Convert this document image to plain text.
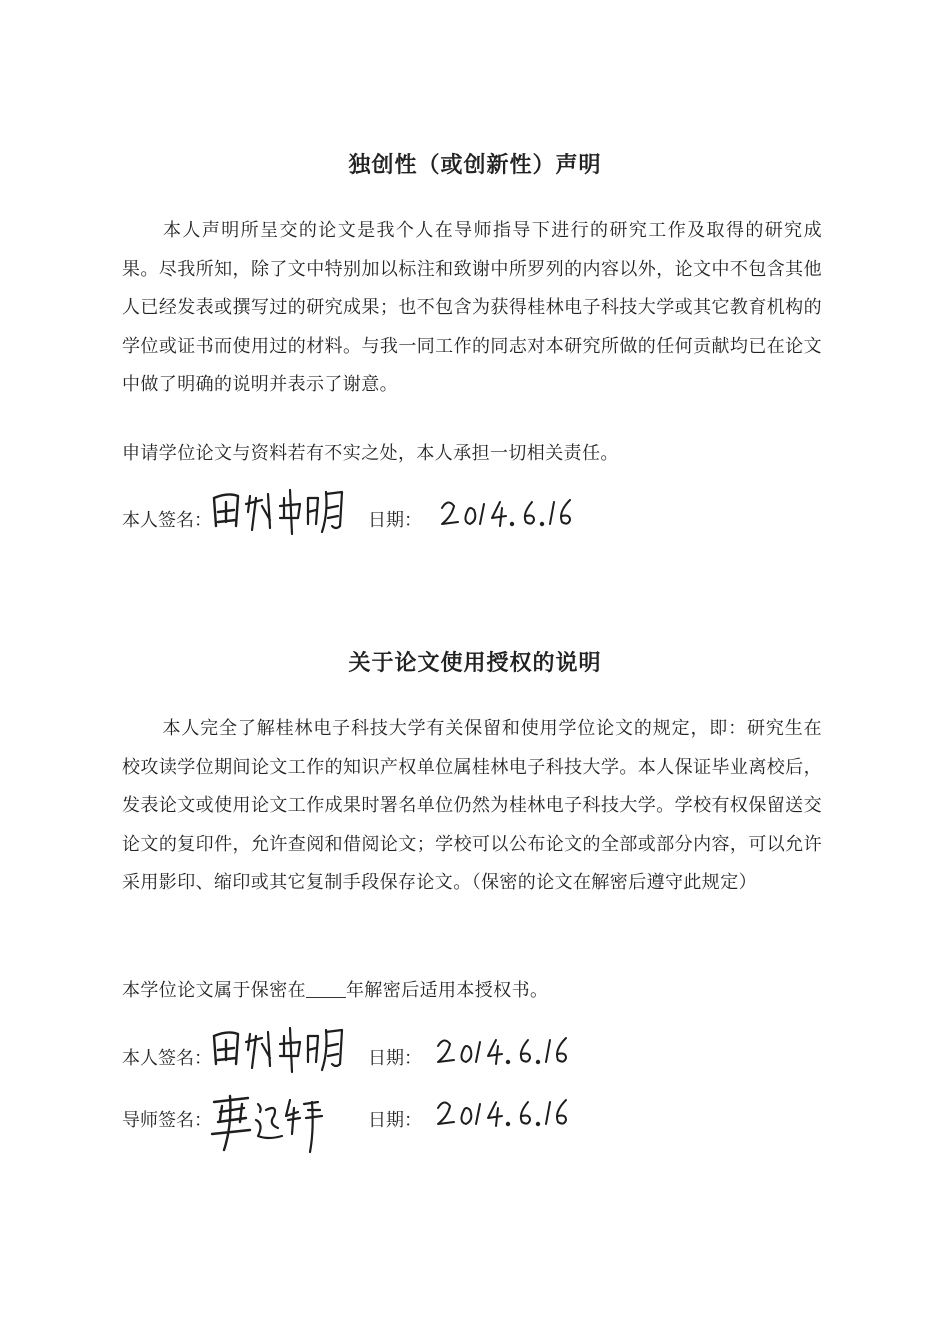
独创性（或创新性）声明
本人声明所呈交的论文是我个人在导师指导下进行的研究工作及取得的研究成果。尽我所知，除了文中特别加以标注和致谢中所罗列的内容以外，论文中不包含其他人已经发表或撰写过的研究成果；也不包含为获得桂林电子科技大学或其它教育机构的学位或证书而使用过的材料。与我一同工作的同志对本研究所做的任何贡献均已在论文中做了明确的说明并表示了谢意。
申请学位论文与资料若有不实之处，本人承担一切相关责任。
本人签名：	日期：
关于论文使用授权的说明
本人完全了解桂林电子科技大学有关保留和使用学位论文的规定，即：研究生在校攻读学位期间论文工作的知识产权单位属桂林电子科技大学。本人保证毕业离校后，发表论文或使用论文工作成果时署名单位仍然为桂林电子科技大学。学校有权保留送交论文的复印件，允许查阅和借阅论文；学校可以公布论文的全部或部分内容，可以允许采用影印、缩印或其它复制手段保存论文。（保密的论文在解密后遵守此规定）
本学位论文属于保密在 年解密后适用本授权书。
本人签名：	日期：
导师签名：	日期：
